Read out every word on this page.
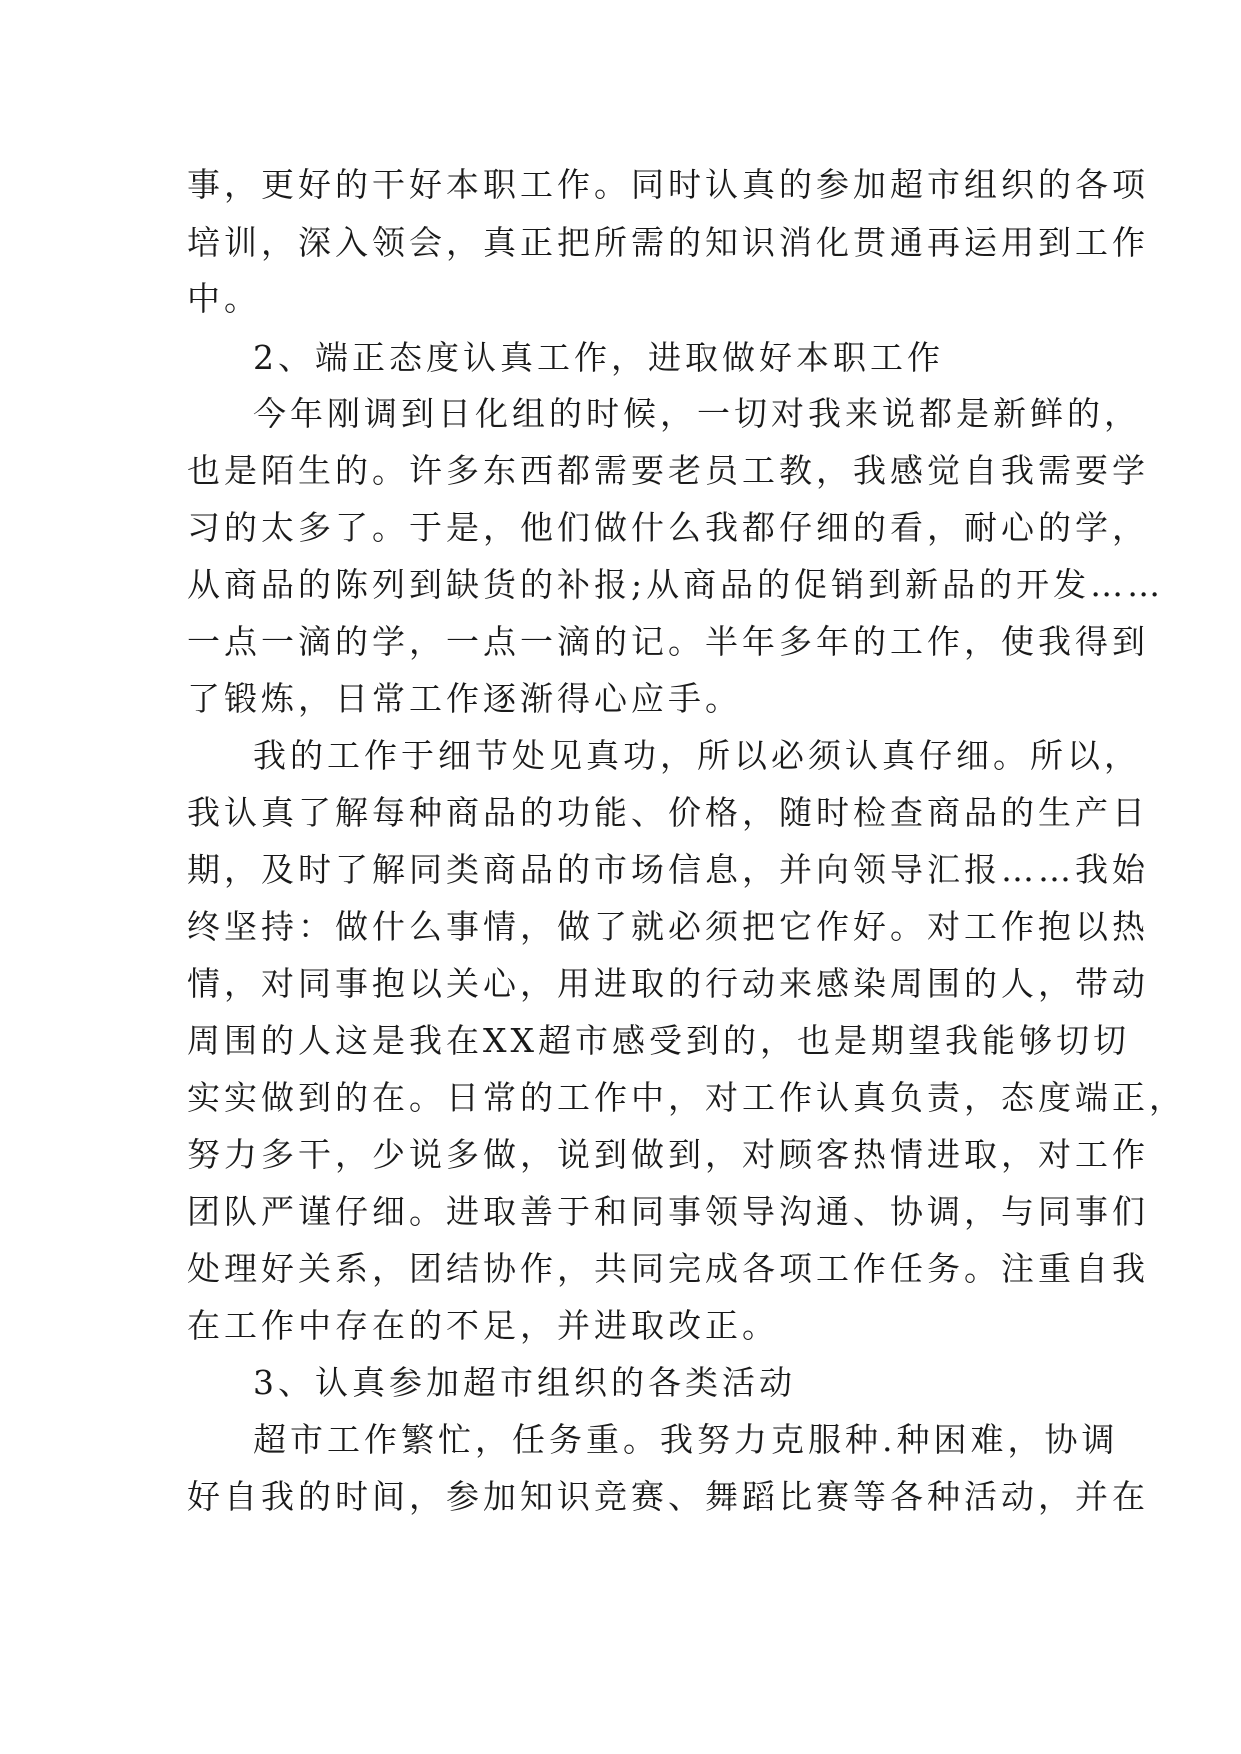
事，更好的干好本职工作。同时认真的参加超市组织的各项
培训，深入领会，真正把所需的知识消化贯通再运用到工作
中。
2、端正态度认真工作，进取做好本职工作
今年刚调到日化组的时候，一切对我来说都是新鲜的，
也是陌生的。许多东西都需要老员工教，我感觉自我需要学
习的太多了。于是，他们做什么我都仔细的看，耐心的学，
从商品的陈列到缺货的补报;从商品的促销到新品的开发……
一点一滴的学，一点一滴的记。半年多年的工作，使我得到
了锻炼，日常工作逐渐得心应手。
我的工作于细节处见真功，所以必须认真仔细。所以，
我认真了解每种商品的功能、价格，随时检查商品的生产日
期，及时了解同类商品的市场信息，并向领导汇报……我始
终坚持：做什么事情，做了就必须把它作好。对工作抱以热
情，对同事抱以关心，用进取的行动来感染周围的人，带动
周围的人这是我在XX超市感受到的，也是期望我能够切切
实实做到的在。日常的工作中，对工作认真负责，态度端正，
努力多干，少说多做，说到做到，对顾客热情进取，对工作
团队严谨仔细。进取善于和同事领导沟通、协调，与同事们
处理好关系，团结协作，共同完成各项工作任务。注重自我
在工作中存在的不足，并进取改正。
3、认真参加超市组织的各类活动
超市工作繁忙，任务重。我努力克服种.种困难，协调
好自我的时间，参加知识竞赛、舞蹈比赛等各种活动，并在
